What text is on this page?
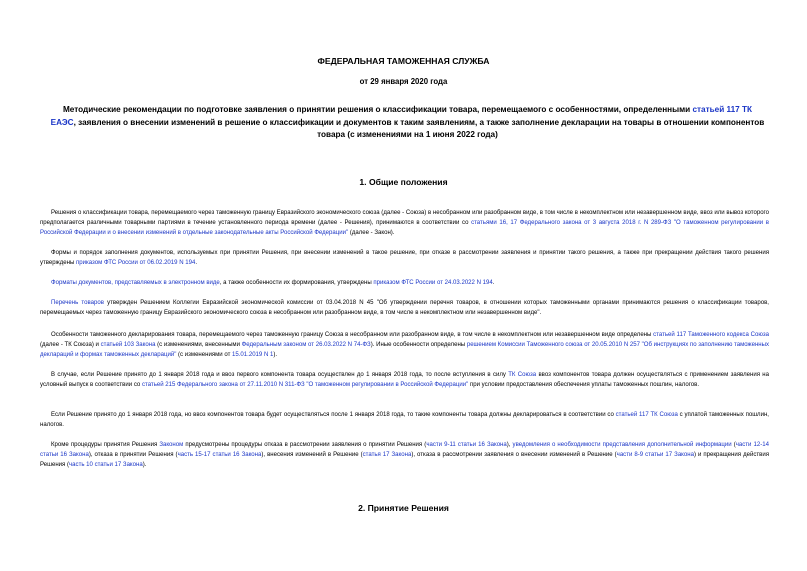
ФЕДЕРАЛЬНАЯ ТАМОЖЕННАЯ СЛУЖБА
от 29 января 2020 года
Методические рекомендации по подготовке заявления о принятии решения о классификации товара, перемещаемого с особенностями, определенными статьей 117 ТК ЕАЭС, заявления о внесении изменений в решение о классификации и документов к таким заявлениям, а также заполнение декларации на товары в отношении компонентов товара (с изменениями на 1 июня 2022 года)
1. Общие положения

Решения о классификации товара, перемещаемого через таможенную границу Евразийского экономического союза (далее - Союза) в несобранном или разобранном виде, в том числе в некомплектном или незавершенном виде, ввоз или вывоз которого предполагается различными товарными партиями в течение установленного периода времени (далее - Решения), принимаются в соответствии со статьями 16, 17 Федерального закона от 3 августа 2018 г. N 289-ФЗ "О таможенном регулировании в Российской Федерации и о внесении изменений в отдельные законодательные акты Российской Федерации" (далее - Закон).

Формы и порядок заполнения документов, используемых при принятии Решения, при внесении изменений в такое решение, при отказе в рассмотрении заявления и принятии такого решения, а также при прекращении действия такого решения утверждены приказом ФТС России от 06.02.2019 N 194.

Форматы документов, представляемых в электронном виде, а также особенности их формирования, утверждены приказом ФТС России от 24.03.2022 N 194.

Перечень товаров утвержден Решением Коллегии Евразийской экономической комиссии от 03.04.2018 N 45 "Об утверждении перечня товаров, в отношении которых таможенными органами принимаются решения о классификации товаров, перемещаемых через таможенную границу Евразийского экономического союза в несобранном или разобранном виде, в том числе в некомплектном или незавершенном виде".

Особенности таможенного декларирования товара, перемещаемого через таможенную границу Союза в несобранном или разобранном виде, в том числе в некомплектном или незавершенном виде определены статьей 117 Таможенного кодекса Союза (далее - ТК Союза) и статьей 103 Закона (с изменениями, внесенными Федеральным законом от 26.03.2022 N 74-ФЗ). Иные особенности определены решением Комиссии Таможенного союза от 20.05.2010 N 257 "Об инструкциях по заполнению таможенных деклараций и формах таможенных деклараций" (с изменениями от 15.01.2019 N 1).

В случае, если Решение принято до 1 января 2018 года и ввоз первого компонента товара осуществлен до 1 января 2018 года, то после вступления в силу ТК Союза ввоз компонентов товара должен осуществляться с применением заявления на условный выпуск в соответствии со статьей 215 Федерального закона от 27.11.2010 N 311-ФЗ "О таможенном регулировании в Российской Федерации" при условии предоставления обеспечения уплаты таможенных пошлин, налогов.

Если Решение принято до 1 января 2018 года, но ввоз компонентов товара будет осуществляться после 1 января 2018 года, то такие компоненты товара должны декларироваться в соответствии со статьей 117 ТК Союза с уплатой таможенных пошлин, налогов.

Кроме процедуры принятия Решения Законом предусмотрены процедуры отказа в рассмотрении заявления о принятии Решения (части 9-11 статьи 16 Закона), уведомления о необходимости представления дополнительной информации (части 12-14 статьи 16 Закона), отказа в принятии Решения (часть 15-17 статьи 16 Закона), внесения изменений в Решение (статья 17 Закона), отказа в рассмотрении заявления о внесении изменений в Решение (части 8-9 статьи 17 Закона) и прекращения действия Решения (часть 10 статьи 17 Закона).

2. Принятие Решения
